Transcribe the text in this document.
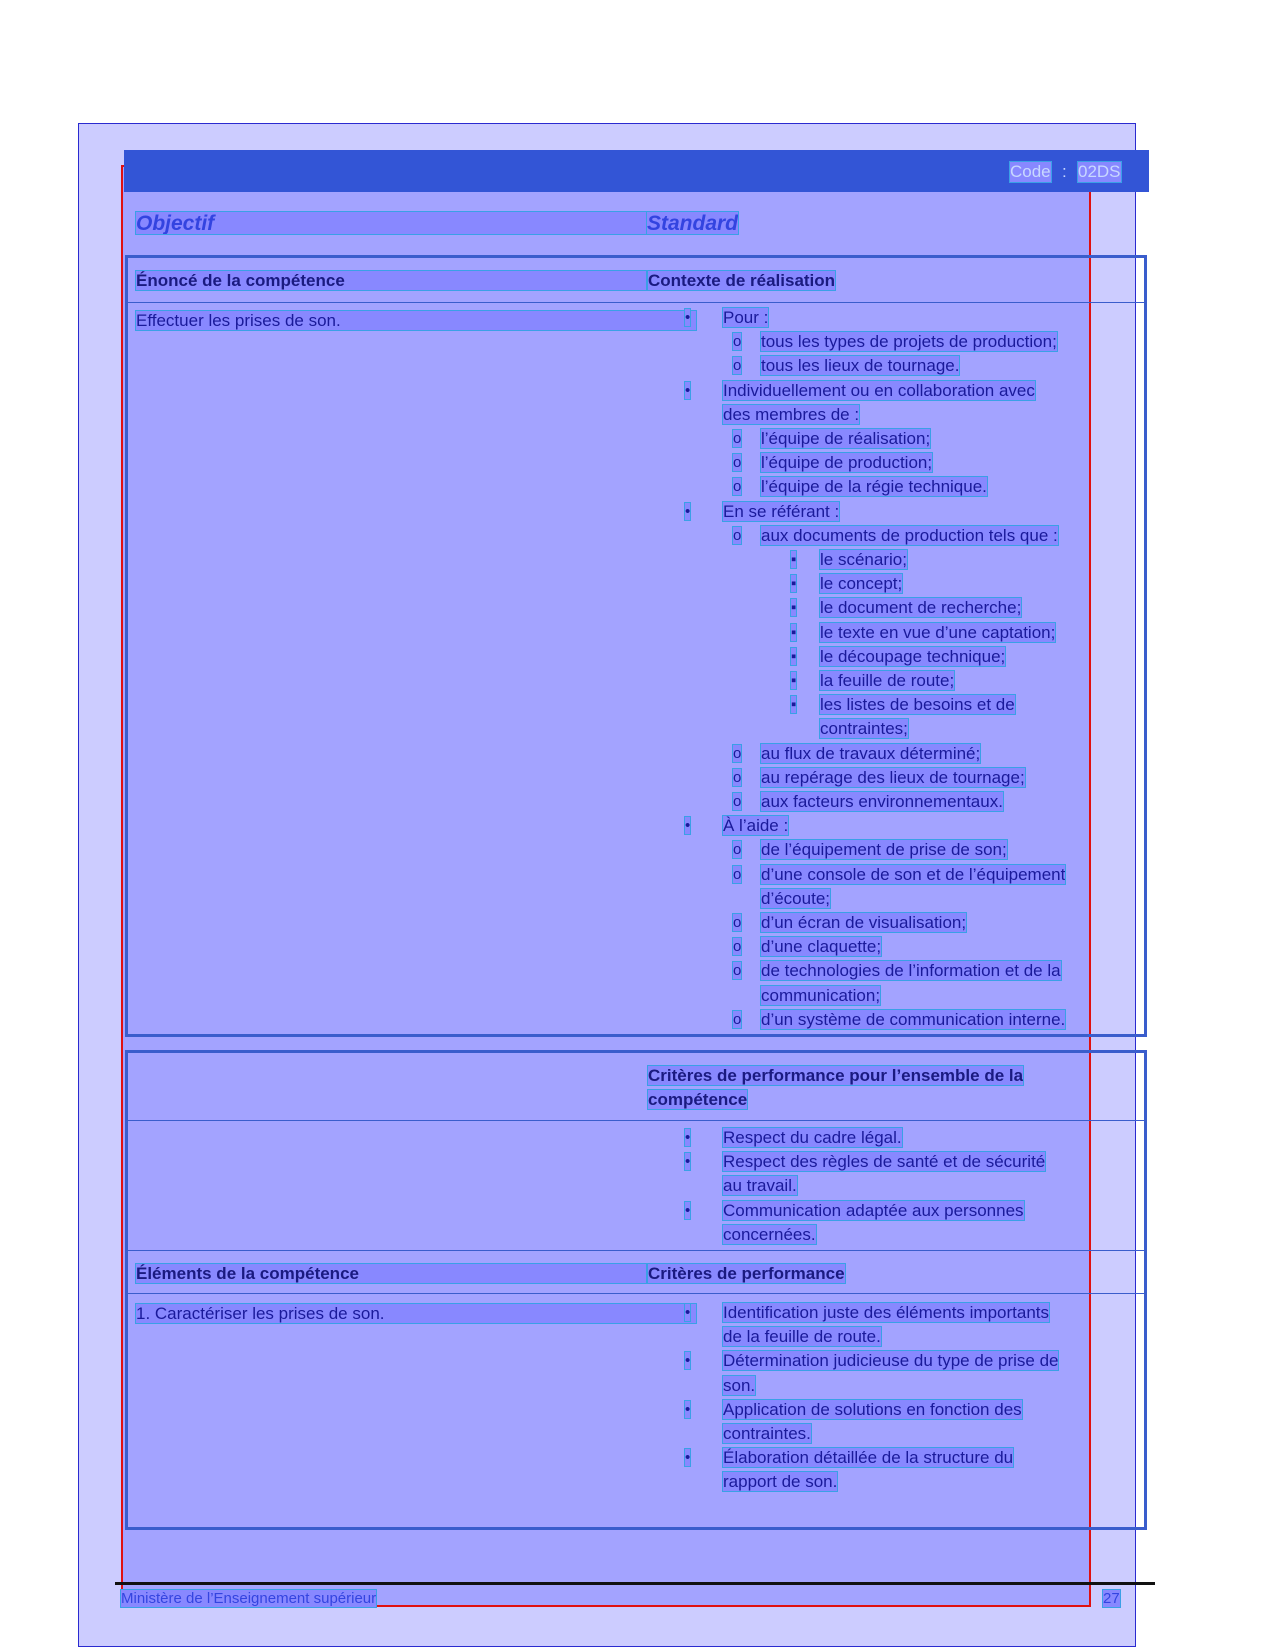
Code : 02DS
Objectif	Standard
Énoncé de la compétence	Contexte de réalisation
Effectuer les prises de son.	• Pour :
o tous les types de projets de production;
o tous les lieux de tournage.
• Individuellement ou en collaboration avec
des membres de :
o l’équipe de réalisation;
o l’équipe de production;
o l’équipe de la régie technique.
• En se référant :
o aux documents de production tels que :
▪ le scénario;
▪ le concept;
▪ le document de recherche;
▪ le texte en vue d’une captation;
▪ le découpage technique;
▪ la feuille de route;
▪ les listes de besoins et de
contraintes;
o au flux de travaux déterminé;
o au repérage des lieux de tournage;
o aux facteurs environnementaux.
• À l’aide :
o de l’équipement de prise de son;
o d’une console de son et de l’équipement
d’écoute;
o d’un écran de visualisation;
o d’une claquette;
o de technologies de l’information et de la
communication;
o d’un système de communication interne.
Critères de performance pour l’ensemble de la
compétence
• Respect du cadre légal.
• Respect des règles de santé et de sécurité
au travail.
• Communication adaptée aux personnes
concernées.
Éléments de la compétence	Critères de performance
1. Caractériser les prises de son.	• Identification juste des éléments importants
de la feuille de route.
• Détermination judicieuse du type de prise de
son.
• Application de solutions en fonction des
contraintes.
• Élaboration détaillée de la structure du
rapport de son.
Ministère de l’Enseignement supérieur	27
